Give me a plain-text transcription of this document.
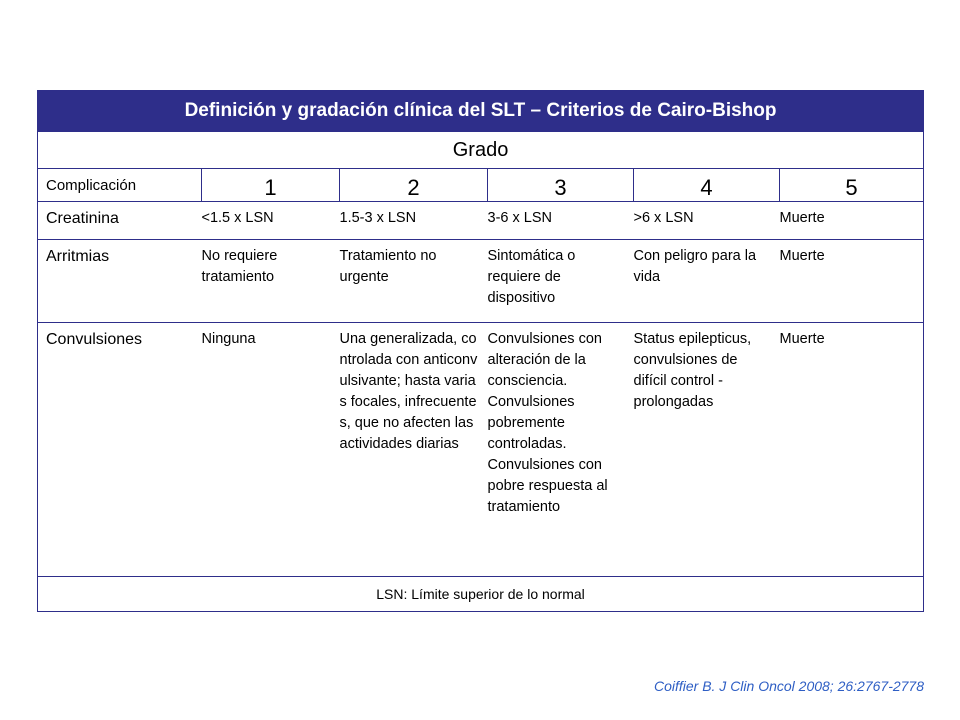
Definición y gradación clínica del SLT – Criterios de Cairo-Bishop					
Grado					
Complicación	1	2	3	4	5
Creatinina	<1.5 x LSN	1.5-3 x LSN	3-6 x LSN	>6 x LSN	Muerte
Arritmias	No requiere tratamiento	Tratamiento no urgente	Sintomática o requiere de dispositivo	Con peligro para la vida	Muerte
Convulsiones	Ninguna	Una generalizada, controlada con anticonvulsivante; hasta varias focales, infrecuentes, que no afecten las actividades diarias	Convulsiones con alteración de la consciencia. Convulsiones pobremente controladas. Convulsiones con pobre respuesta al tratamiento	Status epilepticus, convulsiones de difícil control - prolongadas	Muerte
LSN: Límite superior de lo normal					
Coiffier B. J Clin Oncol 2008; 26:2767-2778
